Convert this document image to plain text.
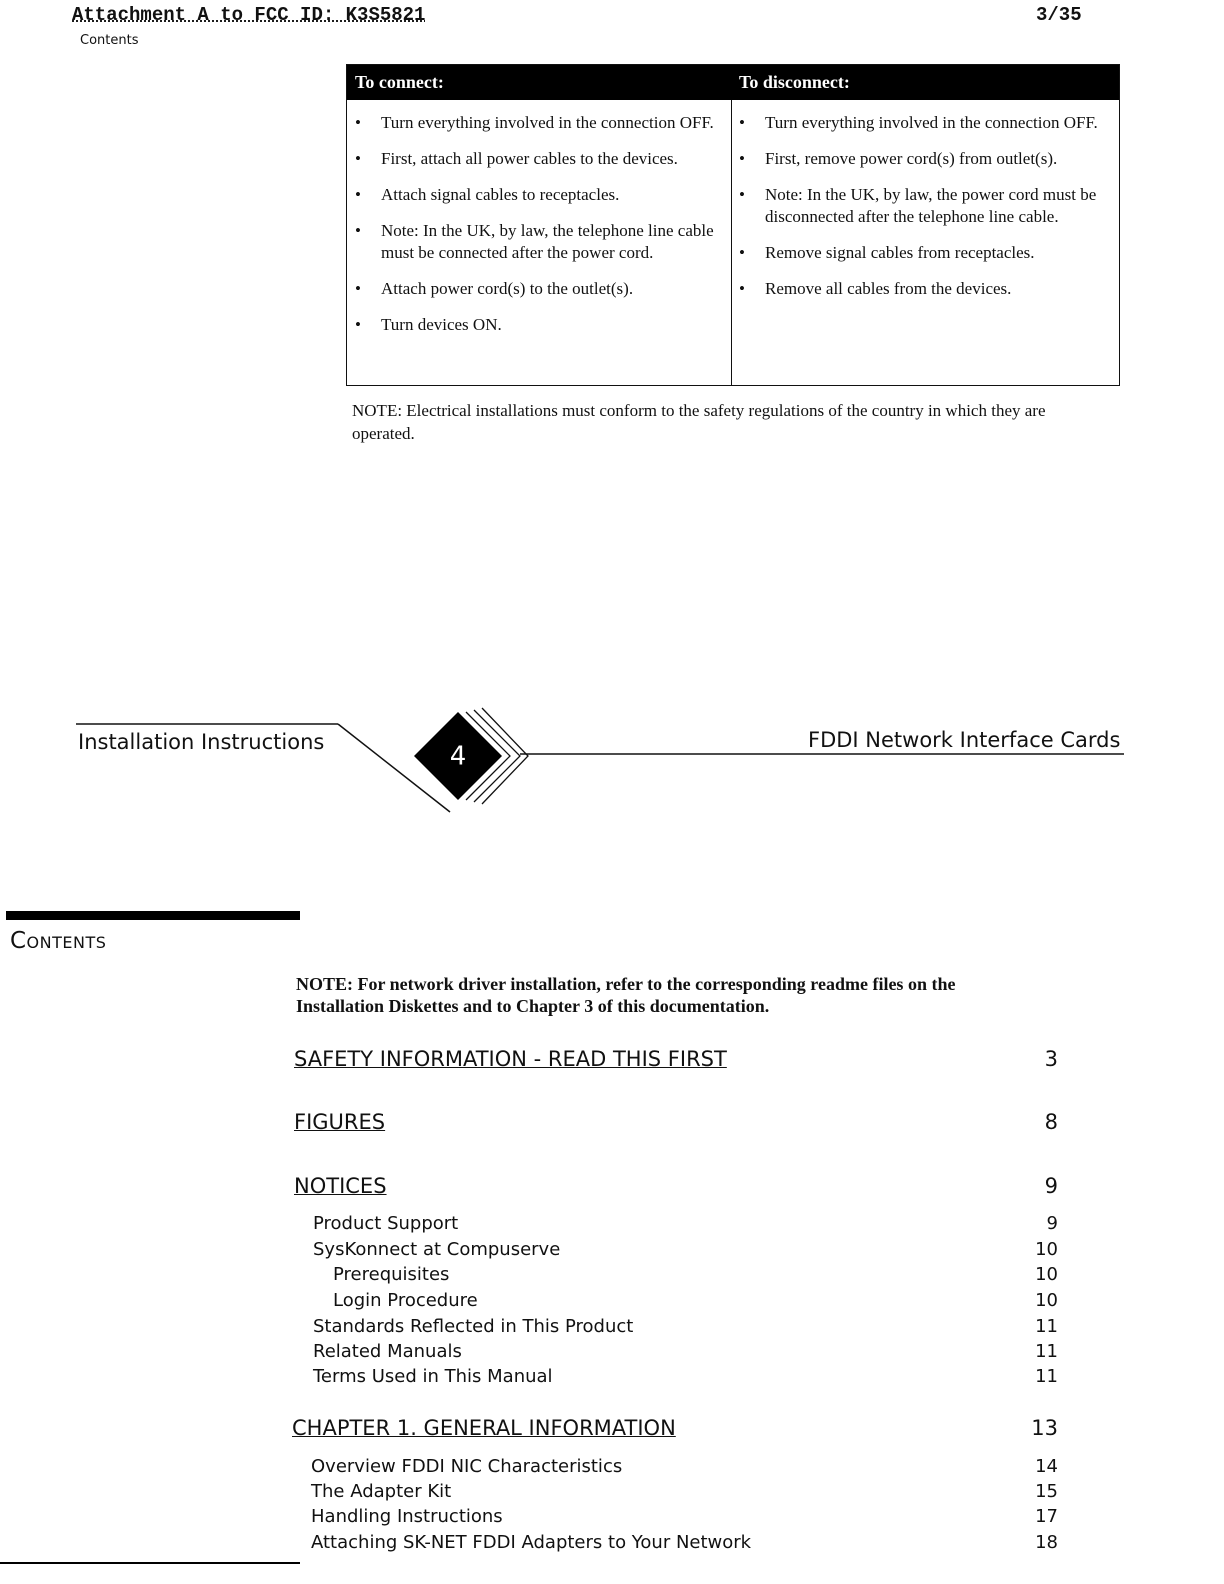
Attachment A to FCC ID: K3S5821	3/35
Contents
To connect:
• Turn everything involved in the connection OFF.
• First, attach all power cables to the devices.
• Attach signal cables to receptacles.
• Note: In the UK, by law, the telephone line cable must be connected after the power cord.
• Attach power cord(s) to the outlet(s).
• Turn devices ON.
To disconnect:
• Turn everything involved in the connection OFF.
• First, remove power cord(s) from outlet(s).
• Note: In the UK, by law, the power cord must be disconnected after the telephone line cable.
• Remove signal cables from receptacles.
• Remove all cables from the devices.
NOTE: Electrical installations must conform to the safety regulations of the country in which they are operated.
4
Installation Instructions	FDDI Network Interface Cards
Contents
NOTE: For network driver installation, refer to the corresponding readme files on the Installation Diskettes and to Chapter 3 of this documentation.
SAFETY INFORMATION - READ THIS FIRST	3
FIGURES	8
NOTICES	9
Product Support	9
SysKonnect at Compuserve	10
Prerequisites	10
Login Procedure	10
Standards Reflected in This Product	11
Related Manuals	11
Terms Used in This Manual	11
CHAPTER 1. GENERAL INFORMATION	13
Overview FDDI NIC Characteristics	14
The Adapter Kit	15
Handling Instructions	17
Attaching SK-NET FDDI Adapters to Your Network	18
